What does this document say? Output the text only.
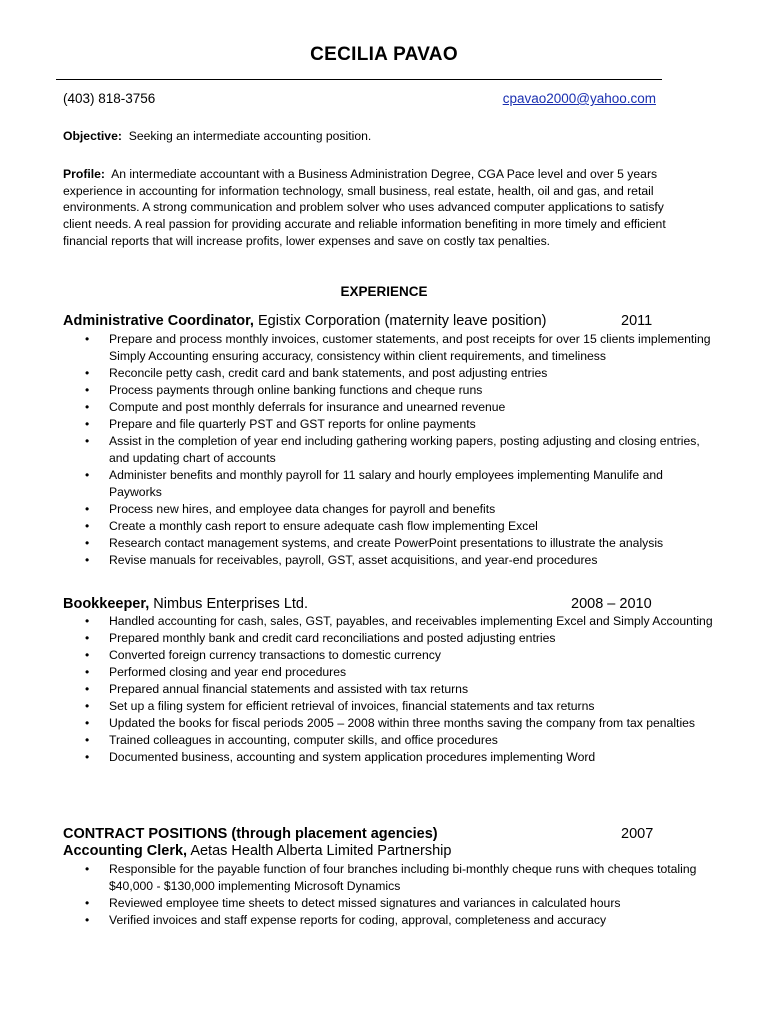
CECILIA PAVAO
(403) 818-3756	cpavao2000@yahoo.com
Objective: Seeking an intermediate accounting position.
Profile: An intermediate accountant with a Business Administration Degree, CGA Pace level and over 5 years experience in accounting for information technology, small business, real estate, health, oil and gas, and retail environments. A strong communication and problem solver who uses advanced computer applications to satisfy client needs. A real passion for providing accurate and reliable information benefiting in more timely and efficient financial reports that will increase profits, lower expenses and save on costly tax penalties.
EXPERIENCE
Administrative Coordinator, Egistix Corporation (maternity leave position)	2011
• Prepare and process monthly invoices, customer statements, and post receipts for over 15 clients implementing Simply Accounting ensuring accuracy, consistency within client requirements, and timeliness
• Reconcile petty cash, credit card and bank statements, and post adjusting entries
• Process payments through online banking functions and cheque runs
• Compute and post monthly deferrals for insurance and unearned revenue
• Prepare and file quarterly PST and GST reports for online payments
• Assist in the completion of year end including gathering working papers, posting adjusting and closing entries, and updating chart of accounts
• Administer benefits and monthly payroll for 11 salary and hourly employees implementing Manulife and Payworks
• Process new hires, and employee data changes for payroll and benefits
• Create a monthly cash report to ensure adequate cash flow implementing Excel
• Research contact management systems, and create PowerPoint presentations to illustrate the analysis
• Revise manuals for receivables, payroll, GST, asset acquisitions, and year-end procedures
Bookkeeper, Nimbus Enterprises Ltd.	2008 – 2010
• Handled accounting for cash, sales, GST, payables, and receivables implementing Excel and Simply Accounting
• Prepared monthly bank and credit card reconciliations and posted adjusting entries
• Converted foreign currency transactions to domestic currency
• Performed closing and year end procedures
• Prepared annual financial statements and assisted with tax returns
• Set up a filing system for efficient retrieval of invoices, financial statements and tax returns
• Updated the books for fiscal periods 2005 – 2008 within three months saving the company from tax penalties
• Trained colleagues in accounting, computer skills, and office procedures
• Documented business, accounting and system application procedures implementing Word
CONTRACT POSITIONS (through placement agencies)	2007
Accounting Clerk, Aetas Health Alberta Limited Partnership
• Responsible for the payable function of four branches including bi-monthly cheque runs with cheques totaling $40,000 - $130,000 implementing Microsoft Dynamics
• Reviewed employee time sheets to detect missed signatures and variances in calculated hours
• Verified invoices and staff expense reports for coding, approval, completeness and accuracy
